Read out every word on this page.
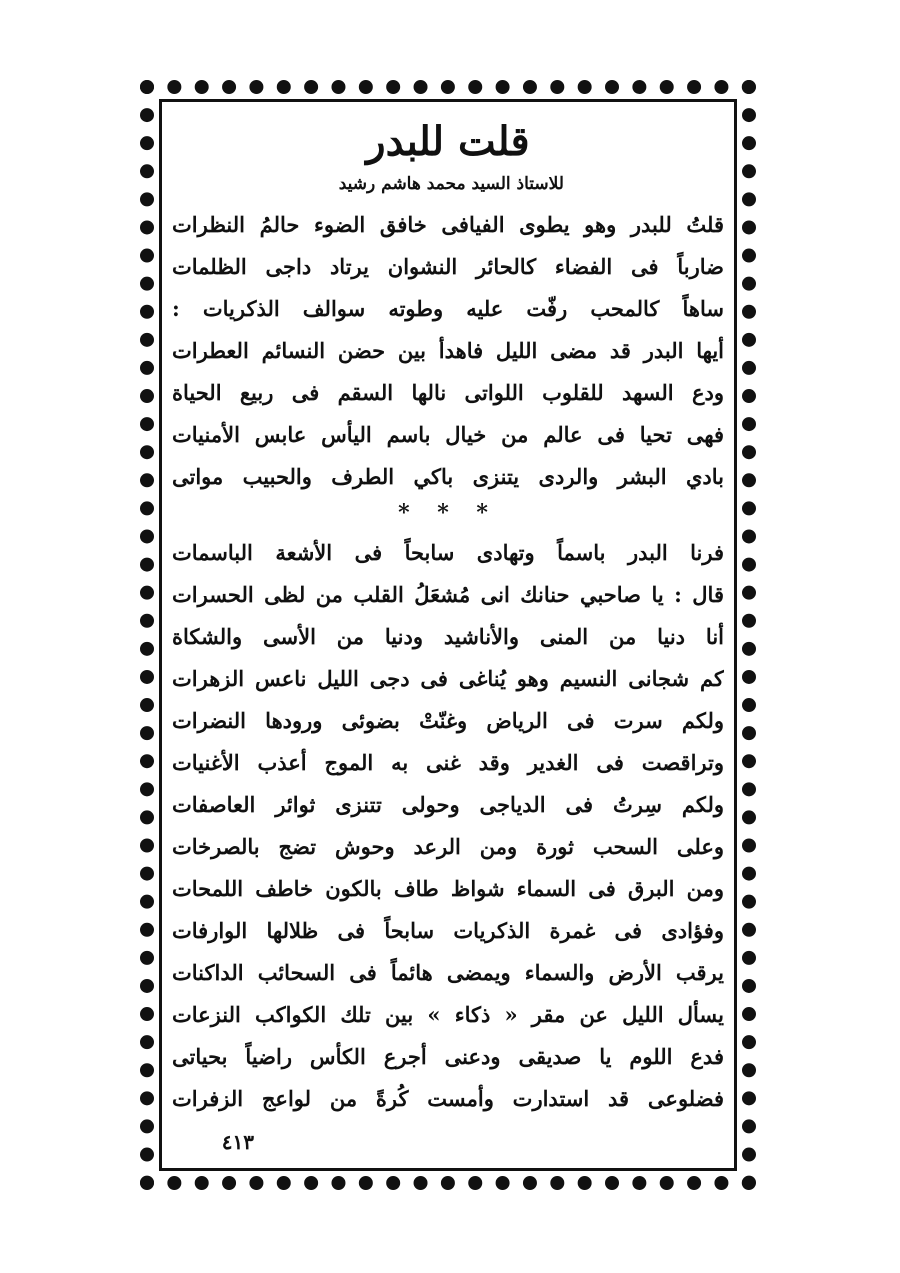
قلت للبدر
للاستاذ السيد محمد هاشم رشيد
قلتُ للبدر وهو يطوى الفيافى خافق الضوء حالمُ النظرات
ضارباً فى الفضاء كالحائر النشوان يرتاد داجى الظلمات
ساهاً كالمحب رفّت عليه وطوته سوالف الذكريات :
أيها البدر قد مضى الليل فاهدأ بين حضن النسائم العطرات
ودع السهد للقلوب اللواتى نالها السقم فى ربيع الحياة
فهى تحيا فى عالم من خيال باسم اليأس عابس الأمنيات
بادي البشر والردى يتنزى باكي الطرف والحبيب مواتى
* * *
فرنا البدر باسماً وتهادى سابحاً فى الأشعة الباسمات
قال : يا صاحبي حنانك انى مُشعَلُ القلب من لظى الحسرات
أنا دنيا من المنى والأناشيد ودنيا من الأسى والشكاة
كم شجانى النسيم وهو يُناغى فى دجى الليل ناعس الزهرات
ولكم سرت فى الرياض وغنّتْ بضوئى ورودها النضرات
وتراقصت فى الغدير وقد غنى به الموج أعذب الأغنيات
ولكم سِرتُ فى الدياجى وحولى تتنزى ثوائر العاصفات
وعلى السحب ثورة ومن الرعد وحوش تضج بالصرخات
ومن البرق فى السماء شواظ طاف بالكون خاطف اللمحات
وفؤادى فى غمرة الذكريات سابحاً فى ظلالها الوارفات
يرقب الأرض والسماء ويمضى هائماً فى السحائب الداكنات
يسأل الليل عن مقر « ذكاء » بين تلك الكواكب النزعات
فدع اللوم يا صديقى ودعنى أجرع الكأس راضياً بحياتى
فضلوعى قد استدارت وأمست كُرةً من لواعج الزفرات
٤١٣
